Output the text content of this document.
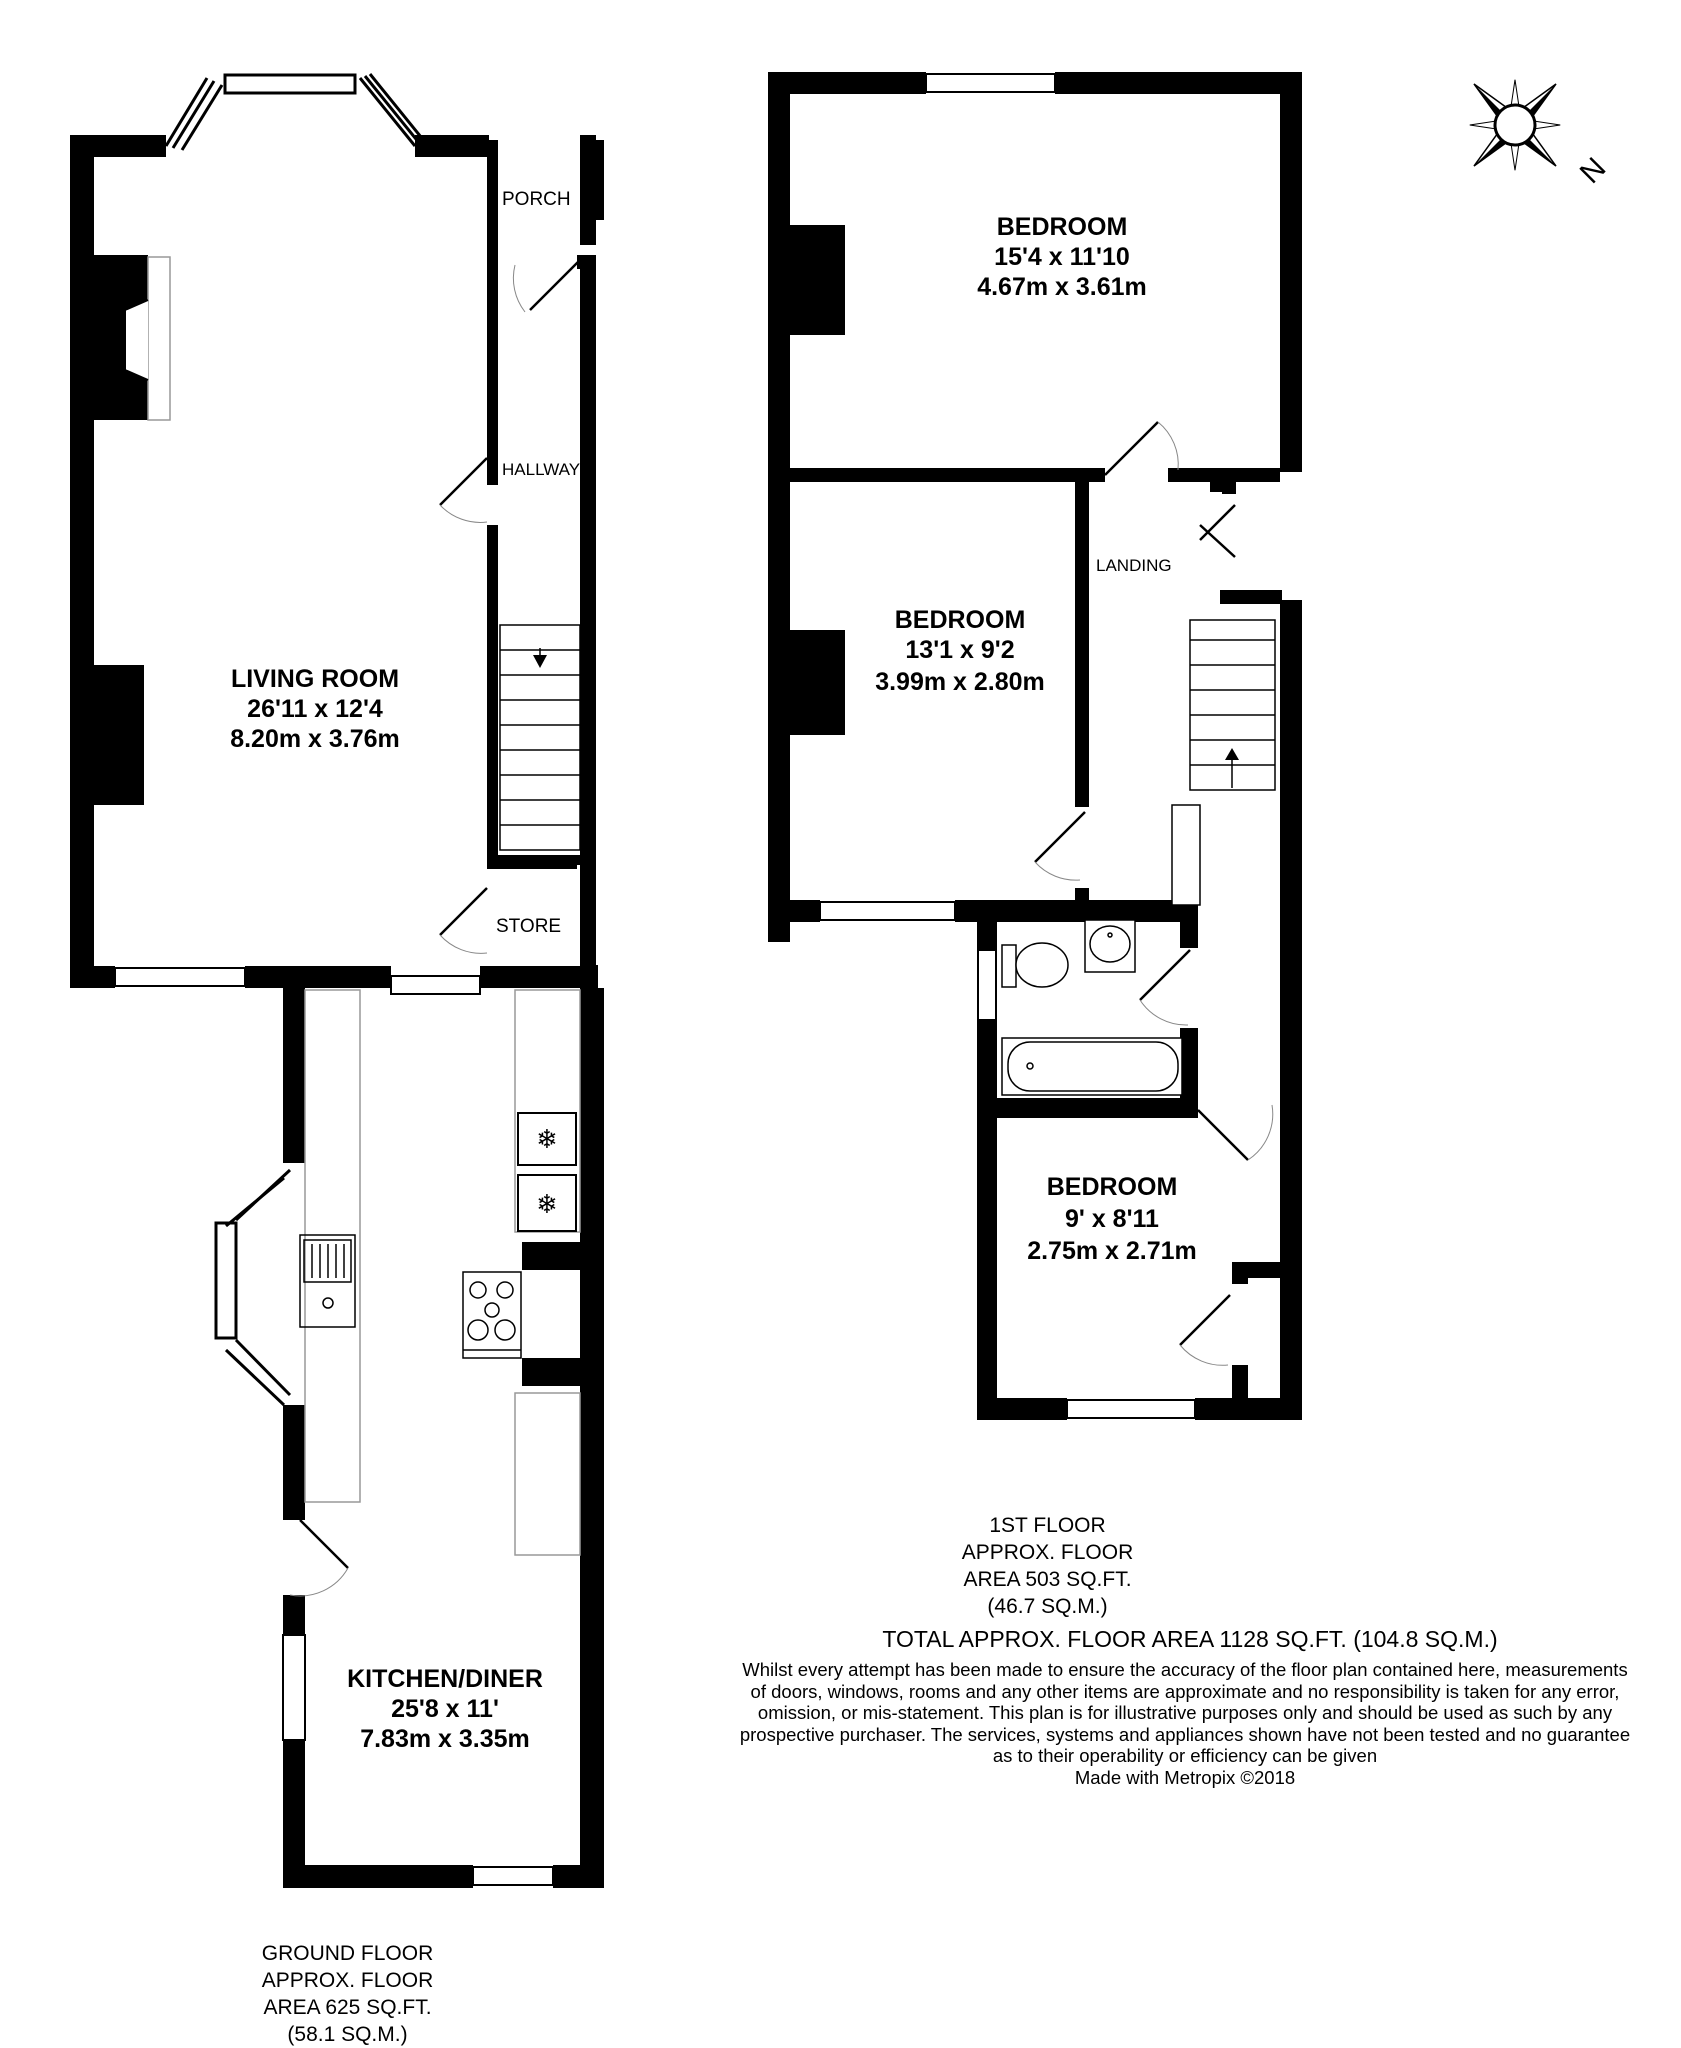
❄
❄
PORCH
HALLWAY
STORE
LIVING ROOM
26'11 x 12'4
8.20m x 3.76m
KITCHEN/DINER
25'8 x 11'
7.83m x 3.35m
LANDING
BEDROOM
15'4 x 11'10
4.67m x 3.61m
BEDROOM
13'1 x 9'2
3.99m x 2.80m
BEDROOM
9' x 8'11
2.75m x 2.71m
N
GROUND FLOOR
APPROX. FLOOR
AREA 625 SQ.FT.
(58.1 SQ.M.)
1ST FLOOR
APPROX. FLOOR
AREA 503 SQ.FT.
(46.7 SQ.M.)
TOTAL APPROX. FLOOR AREA 1128 SQ.FT. (104.8 SQ.M.)
Whilst every attempt has been made to ensure the accuracy of the floor plan contained here, measurements
of doors, windows, rooms and any other items are approximate and no responsibility is taken for any error,
omission, or mis-statement. This plan is for illustrative purposes only and should be used as such by any
prospective purchaser. The services, systems and appliances shown have not been tested and no guarantee
as to their operability or efficiency can be given
Made with Metropix ©2018
